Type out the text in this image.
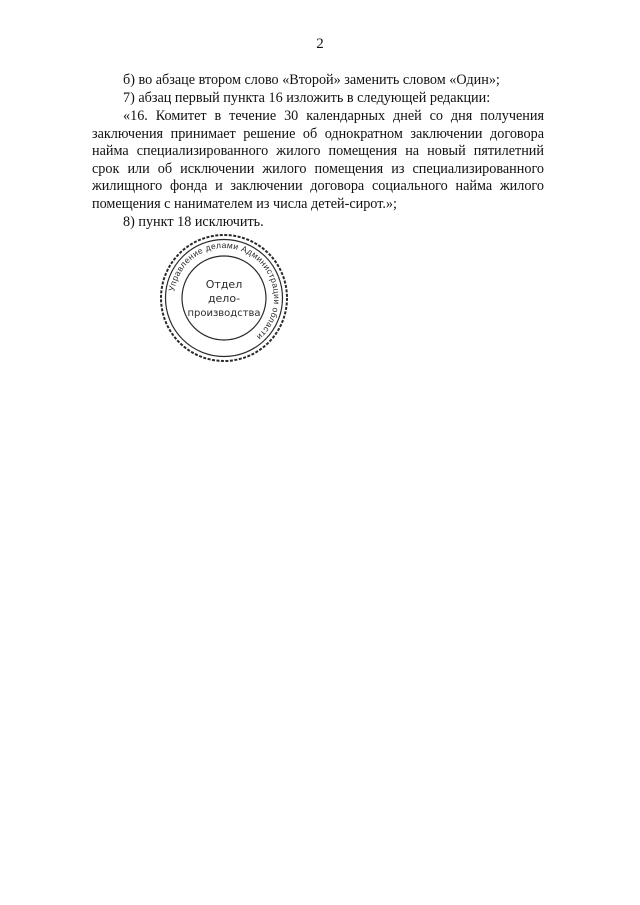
2

б) во абзаце втором слово «Второй» заменить словом «Один»;

7) абзац первый пункта 16 изложить в следующей редакции:

«16. Комитет в течение 30 календарных дней со дня получения заключения принимает решение об однократном заключении договора найма специализированного жилого помещения на новый пятилетний срок или об исключении жилого помещения из специализированного жилищного фонда и заключении договора социального найма жилого помещения с нанимателем из числа детей-сирот.»;

8) пункт 18 исключить.

Управление делами Администрации области
Отдел
дело-
производства
